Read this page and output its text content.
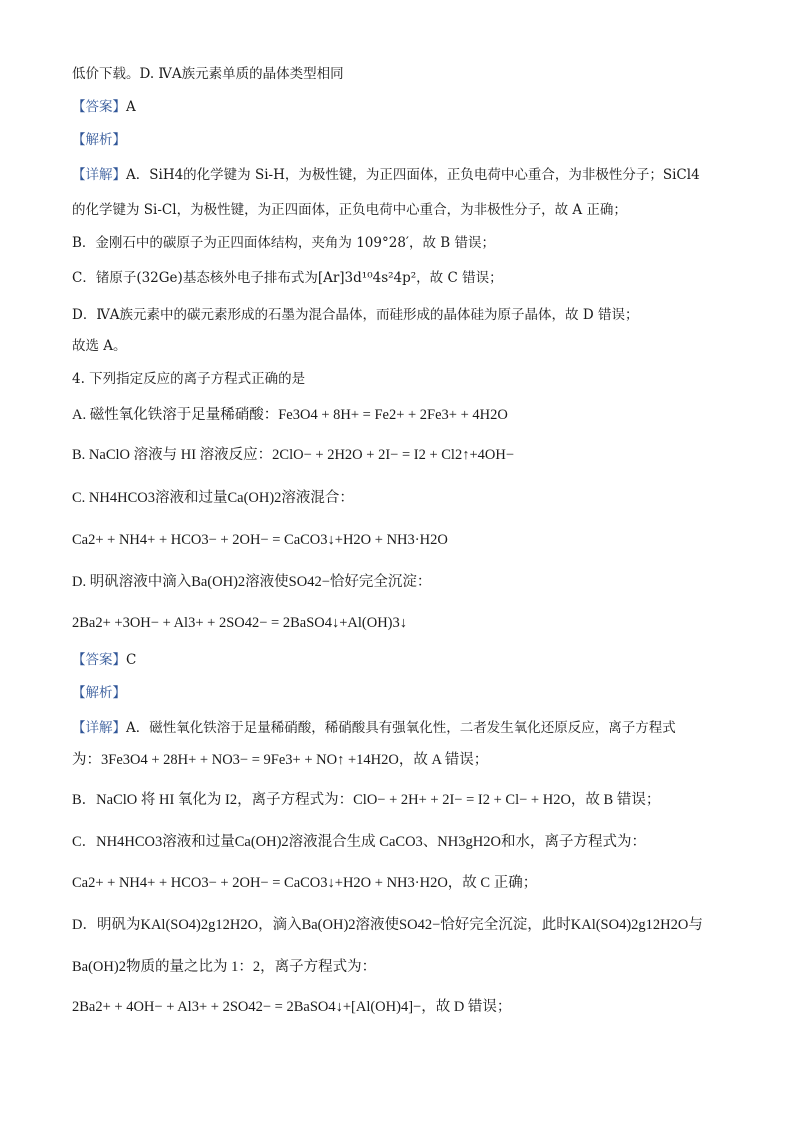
低价下载。D. ⅣA族元素单质的晶体类型相同
【答案】A
【解析】
【详解】A．SiH4的化学键为 Si-H，为极性键，为正四面体，正负电荷中心重合，为非极性分子；SiCl4
的化学键为 Si-Cl，为极性键，为正四面体，正负电荷中心重合，为非极性分子，故 A 正确；
B．金刚石中的碳原子为正四面体结构，夹角为 109°28′，故 B 错误；
C．锗原子(32Ge)基态核外电子排布式为[Ar]3d¹⁰4s²4p²，故 C 错误；
D．ⅣA族元素中的碳元素形成的石墨为混合晶体，而硅形成的晶体硅为原子晶体，故 D 错误；
故选 A。
4. 下列指定反应的离子方程式正确的是
A. 磁性氧化铁溶于足量稀硝酸：Fe3O4 + 8H+ = Fe2+ + 2Fe3+ + 4H2O
B. NaClO 溶液与 HI 溶液反应：2ClO− + 2H2O + 2I− = I2 + Cl2↑+4OH−
C. NH4HCO3溶液和过量Ca(OH)2溶液混合：
Ca2+ + NH4+ + HCO3− + 2OH− = CaCO3↓+H2O + NH3·H2O
D. 明矾溶液中滴入Ba(OH)2溶液使SO42−恰好完全沉淀：
2Ba2+ +3OH− + Al3+ + 2SO42− = 2BaSO4↓+Al(OH)3↓
【答案】C
【解析】
【详解】A．磁性氧化铁溶于足量稀硝酸，稀硝酸具有强氧化性，二者发生氧化还原反应，离子方程式
为：3Fe3O4 + 28H+ + NO3− = 9Fe3+ + NO↑ +14H2O，故 A 错误；
B．NaClO 将 HI 氧化为 I2，离子方程式为：ClO− + 2H+ + 2I− = I2 + Cl− + H2O，故 B 错误；
C．NH4HCO3溶液和过量Ca(OH)2溶液混合生成 CaCO3、NH3gH2O和水，离子方程式为：
Ca2+ + NH4+ + HCO3− + 2OH− = CaCO3↓+H2O + NH3·H2O，故 C 正确；
D．明矾为KAl(SO4)2g12H2O，滴入Ba(OH)2溶液使SO42−恰好完全沉淀，此时KAl(SO4)2g12H2O与
Ba(OH)2物质的量之比为 1：2，离子方程式为：
2Ba2+ + 4OH− + Al3+ + 2SO42− = 2BaSO4↓+[Al(OH)4]−，故 D 错误；
